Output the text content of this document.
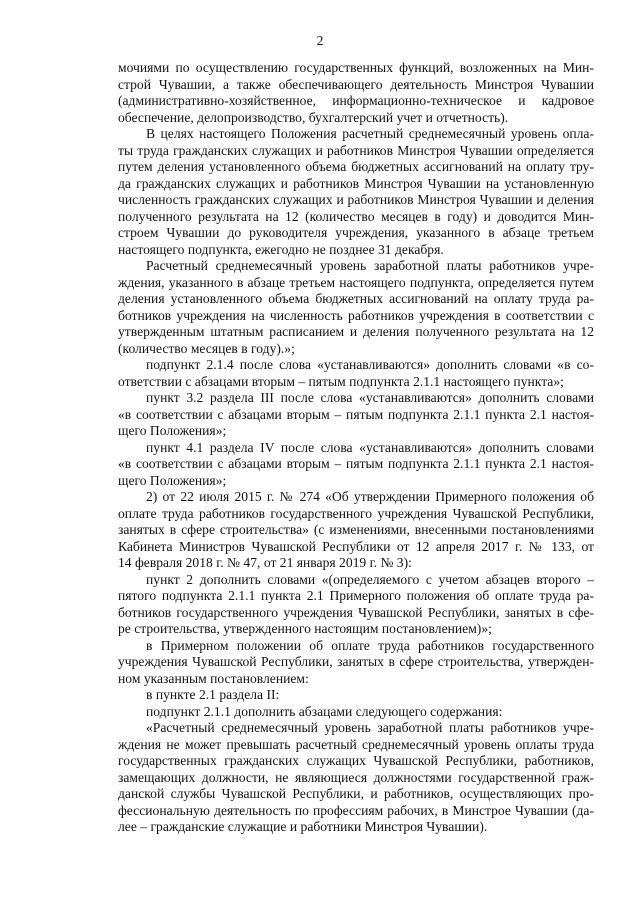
2
мочиями по осуществлению государственных функций, возложенных на Мин-
строй Чувашии, а также обеспечивающего деятельность Минстроя Чувашии
(административно-хозяйственное, информационно-техническое и кадровое
обеспечение, делопроизводство, бухгалтерский учет и отчетность).
В целях настоящего Положения расчетный среднемесячный уровень опла-
ты труда гражданских служащих и работников Минстроя Чувашии определяется
путем деления установленного объема бюджетных ассигнований на оплату тру-
да гражданских служащих и работников Минстроя Чувашии на установленную
численность гражданских служащих и работников Минстроя Чувашии и деления
полученного результата на 12 (количество месяцев в году) и доводится Мин-
строем Чувашии до руководителя учреждения, указанного в абзаце третьем
настоящего подпункта, ежегодно не позднее 31 декабря.
Расчетный среднемесячный уровень заработной платы работников учре-
ждения, указанного в абзаце третьем настоящего подпункта, определяется путем
деления установленного объема бюджетных ассигнований на оплату труда ра-
ботников учреждения на численность работников учреждения в соответствии с
утвержденным штатным расписанием и деления полученного результата на 12
(количество месяцев в году).»;
подпункт 2.1.4 после слова «устанавливаются» дополнить словами «в со-
ответствии с абзацами вторым – пятым подпункта 2.1.1 настоящего пункта»;
пункт 3.2 раздела III после слова «устанавливаются» дополнить словами
«в соответствии с абзацами вторым – пятым подпункта 2.1.1 пункта 2.1 настоя-
щего Положения»;
пункт 4.1 раздела IV после слова «устанавливаются» дополнить словами
«в соответствии с абзацами вторым – пятым подпункта 2.1.1 пункта 2.1 настоя-
щего Положения»;
2) от 22 июля 2015 г. № 274 «Об утверждении Примерного положения об
оплате труда работников государственного учреждения Чувашской Республики,
занятых в сфере строительства» (с изменениями, внесенными постановлениями
Кабинета Министров Чувашской Республики от 12 апреля 2017 г. № 133, от
14 февраля 2018 г. № 47, от 21 января 2019 г. № 3):
пункт 2 дополнить словами «(определяемого с учетом абзацев второго –
пятого подпункта 2.1.1 пункта 2.1 Примерного положения об оплате труда ра-
ботников государственного учреждения Чувашской Республики, занятых в сфе-
ре строительства, утвержденного настоящим постановлением)»;
в Примерном положении об оплате труда работников государственного
учреждения Чувашской Республики, занятых в сфере строительства, утвержден-
ном указанным постановлением:
в пункте 2.1 раздела II:
подпункт 2.1.1 дополнить абзацами следующего содержания:
«Расчетный среднемесячный уровень заработной платы работников учре-
ждения не может превышать расчетный среднемесячный уровень оплаты труда
государственных гражданских служащих Чувашской Республики, работников,
замещающих должности, не являющиеся должностями государственной граж-
данской службы Чувашской Республики, и работников, осуществляющих про-
фессиональную деятельность по профессиям рабочих, в Минстрое Чувашии (да-
лее – гражданские служащие и работники Минстроя Чувашии).
